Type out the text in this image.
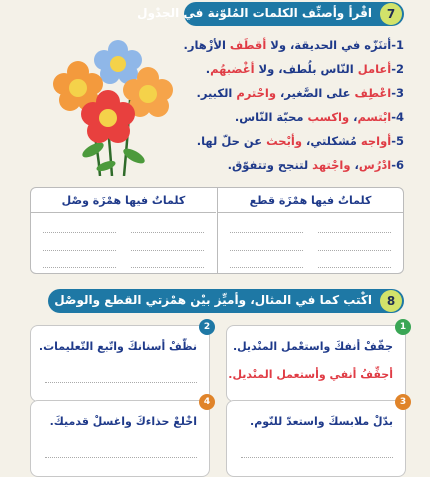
7
اقْرأ وأصنِّف الكلمات المُلوّنة في الجدْول
1-أتنَزّه في الحديقة، ولا أقطَف الأزْهار.
2-أعامل النّاس بلُطف، ولا أغْضبهُم.
3-اعْطِف على الصَّغير، واحْترم الكبير.
4-ابْتسم، واكسب محبّة النّاس.
5-أواجه مُشكلتي، وأبْحث عن حلّ لها.
6-ادْرُس، واجْتهد لتنجح وتتفوّق.
كلماتٌ فيها همْزَة قطع
كلماتٌ فيها همْزَة وصْل
8
اكْتب كما في المثال، وأميِّز بيْن همْزتي القطع والوصْل
1
جفّفْ أنفكَ واستعْمل المنْديل.
أجفِّفُ أنفي وأستعمل المنْديل.
2
نظّفْ أسنانكَ واتّبع التّعليمات.
3
بدّلْ ملابسكَ واستعدّ للنّوم.
4
اخْلعْ حذاءكَ واغسلْ قدميكَ.
